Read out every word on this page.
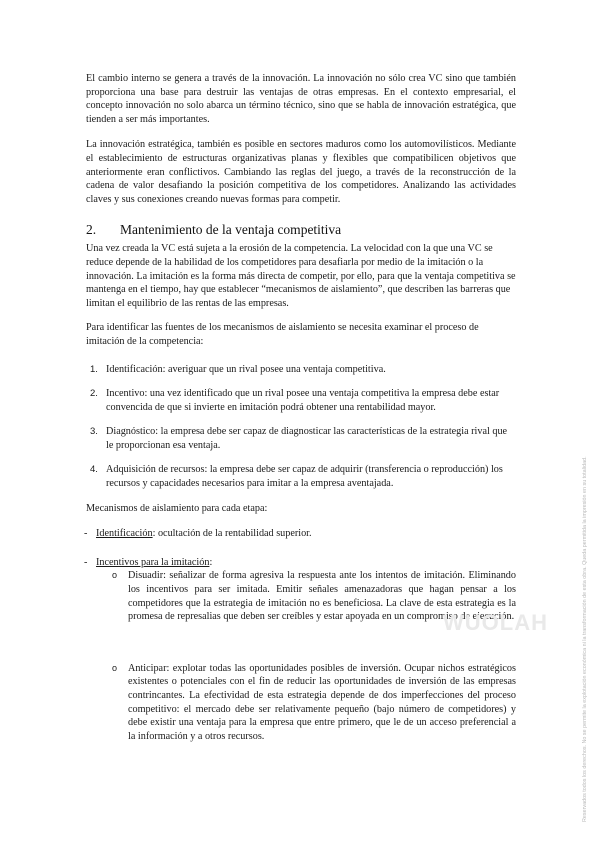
El cambio interno se genera a través de la innovación. La innovación no sólo crea VC sino que también proporciona una base para destruir las ventajas de otras empresas. En el contexto empresarial, el concepto innovación no solo abarca un término técnico, sino que se habla de innovación estratégica, que tienden a ser más importantes.

La innovación estratégica, también es posible en sectores maduros como los automovilísticos. Mediante el establecimiento de estructuras organizativas planas y flexibles que compatibilicen objetivos que anteriormente eran conflictivos. Cambiando las reglas del juego, a través de la reconstrucción de la cadena de valor desafiando la posición competitiva de los competidores. Analizando las actividades claves y sus conexiones creando nuevas formas para competir.

2.	Mantenimiento de la ventaja competitiva

Una vez creada la VC está sujeta a la erosión de la competencia. La velocidad con la que una VC se reduce depende de la habilidad de los competidores para desafiarla por medio de la imitación o la innovación. La imitación es la forma más directa de competir, por ello, para que la ventaja competitiva se mantenga en el tiempo, hay que establecer “mecanismos de aislamiento”, que describen las barreras que limitan el equilibrio de las rentas de las empresas.

Para identificar las fuentes de los mecanismos de aislamiento se necesita examinar el proceso de imitación de la competencia:

1. Identificación: averiguar que un rival posee una ventaja competitiva.
2. Incentivo: una vez identificado que un rival posee una ventaja competitiva la empresa debe estar convencida de que si invierte en imitación podrá obtener una rentabilidad mayor.
3. Diagnóstico: la empresa debe ser capaz de diagnosticar las características de la estrategia rival que le proporcionan esa ventaja.
4. Adquisición de recursos: la empresa debe ser capaz de adquirir (transferencia o reproducción) los recursos y capacidades necesarios para imitar a la empresa aventajada.

Mecanismos de aislamiento para cada etapa:

- Identificación: ocultación de la rentabilidad superior.
- Incentivos para la imitación:
o	Disuadir: señalizar de forma agresiva la respuesta ante los intentos de imitación. Eliminando los incentivos para ser imitada. Emitir señales amenazadoras que hagan pensar a los competidores que la estrategia de imitación no es beneficiosa. La clave de esta estrategia es la promesa de represalias que deben ser creíbles y estar apoyada en un compromiso de ejecución.
o	Anticipar: explotar todas las oportunidades posibles de inversión. Ocupar nichos estratégicos existentes o potenciales con el fin de reducir las oportunidades de inversión de las empresas contrincantes. La efectividad de esta estrategia depende de dos imperfecciones del proceso competitivo: el mercado debe ser relativamente pequeño (bajo número de competidores) y debe existir una ventaja para la empresa que entre primero, que le de un acceso preferencial a la información y a otros recursos.
WUOLAH	Reservados todos los derechos. No se permite la explotación económica ni la transformación de esta obra. Queda permitida la impresión en su totalidad.
